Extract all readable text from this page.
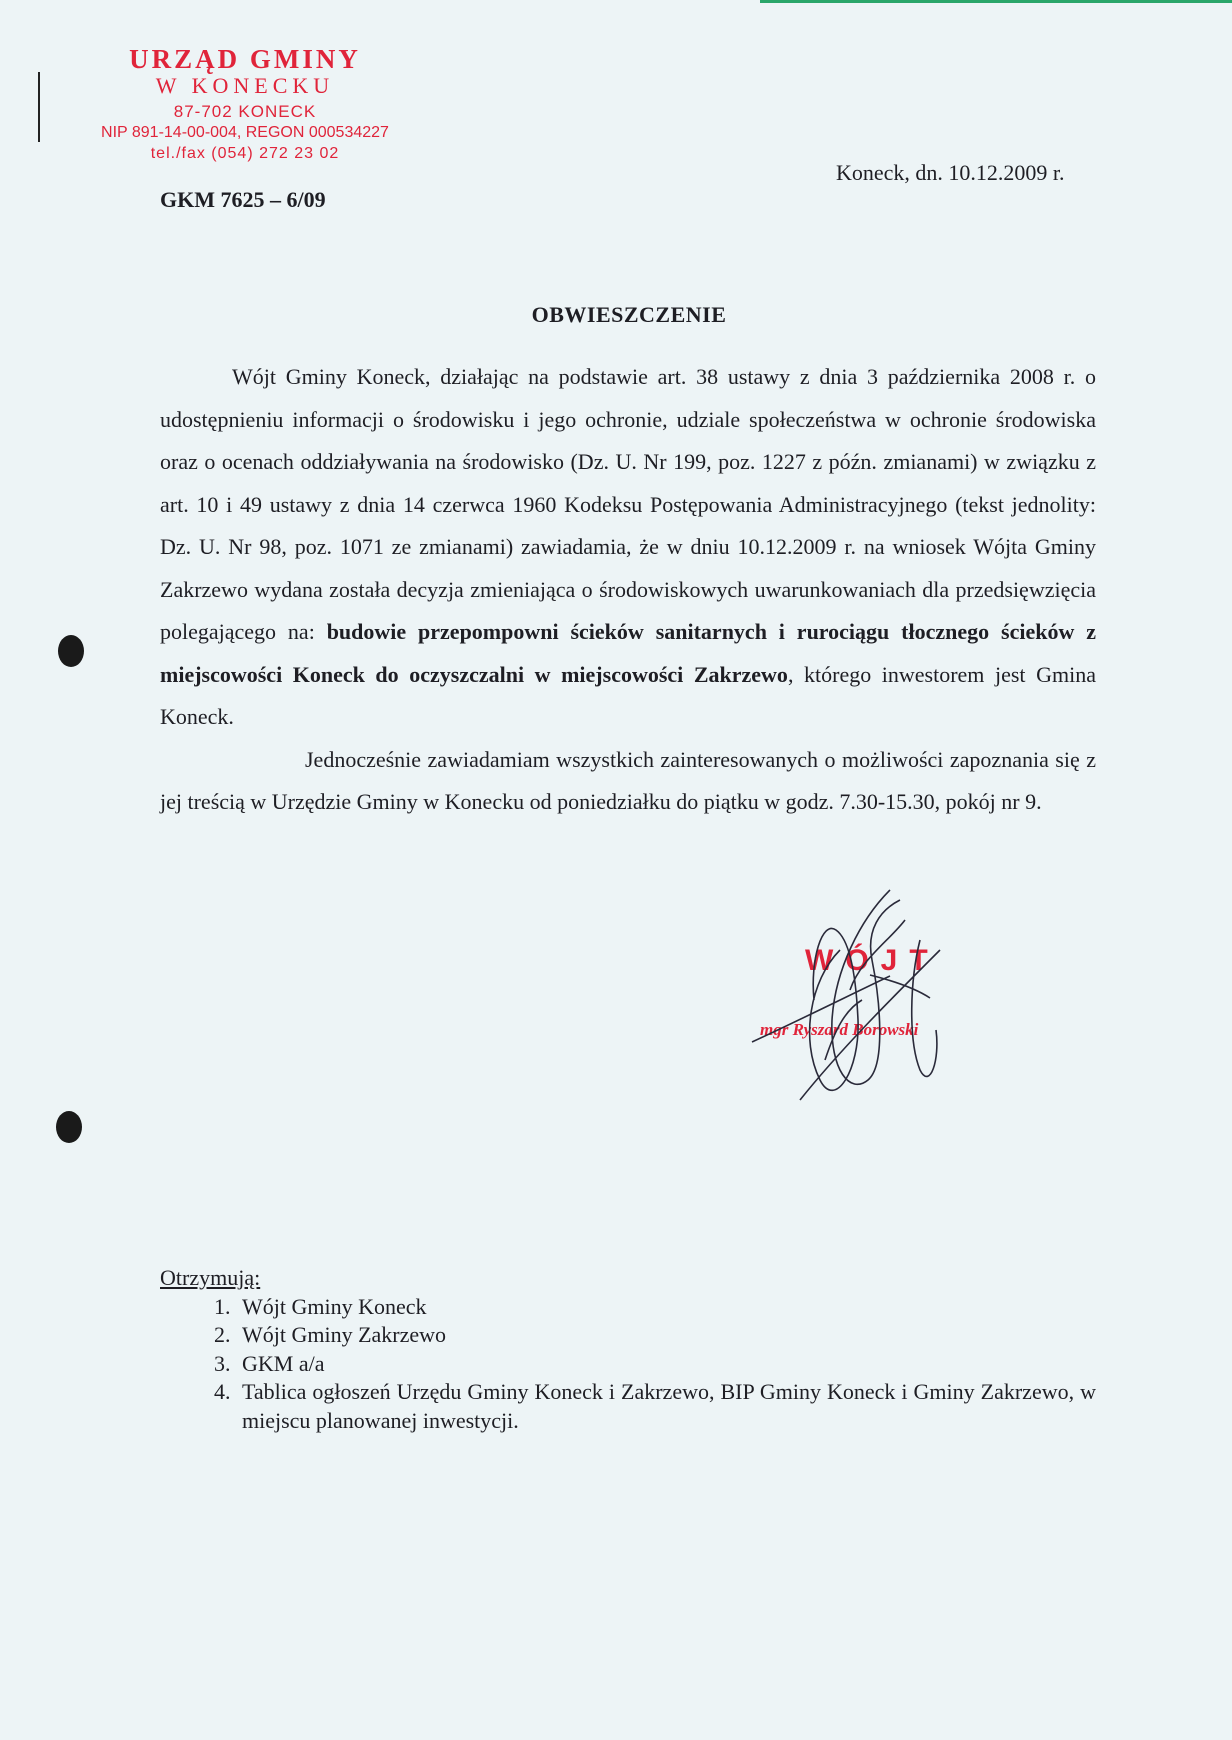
URZĄD GMINY
W KONECKU
87-702 KONECK
NIP 891-14-00-004, REGON 000534227
tel./fax (054) 272 23 02
GKM 7625 – 6/09
Koneck, dn. 10.12.2009 r.
OBWIESZCZENIE

Wójt Gminy Koneck, działając na podstawie art. 38 ustawy z dnia 3 października 2008 r. o udostępnieniu informacji o środowisku i jego ochronie, udziale społeczeństwa w ochronie środowiska oraz o ocenach oddziaływania na środowisko (Dz. U. Nr 199, poz. 1227 z późn. zmianami) w związku z art. 10 i 49 ustawy z dnia 14 czerwca 1960 Kodeksu Postępowania Administracyjnego (tekst jednolity: Dz. U. Nr 98, poz. 1071 ze zmianami) zawiadamia, że w dniu 10.12.2009 r. na wniosek Wójta Gminy Zakrzewo wydana została decyzja zmieniająca o środowiskowych uwarunkowaniach dla przedsięwzięcia polegającego na: budowie przepompowni ścieków sanitarnych i rurociągu tłocznego ścieków z miejscowości Koneck do oczyszczalni w miejscowości Zakrzewo, którego inwestorem jest Gmina Koneck.

Jednocześnie zawiadamiam wszystkich zainteresowanych o możliwości zapoznania się z jej treścią w Urzędzie Gminy w Konecku od poniedziałku do piątku w godz. 7.30-15.30, pokój nr 9.

WÓJT
mgr Ryszard Borowski
Otrzymują:
1. Wójt Gminy Koneck
2. Wójt Gminy Zakrzewo
3. GKM a/a
4. Tablica ogłoszeń Urzędu Gminy Koneck i Zakrzewo, BIP Gminy Koneck i Gminy Zakrzewo, w miejscu planowanej inwestycji.
